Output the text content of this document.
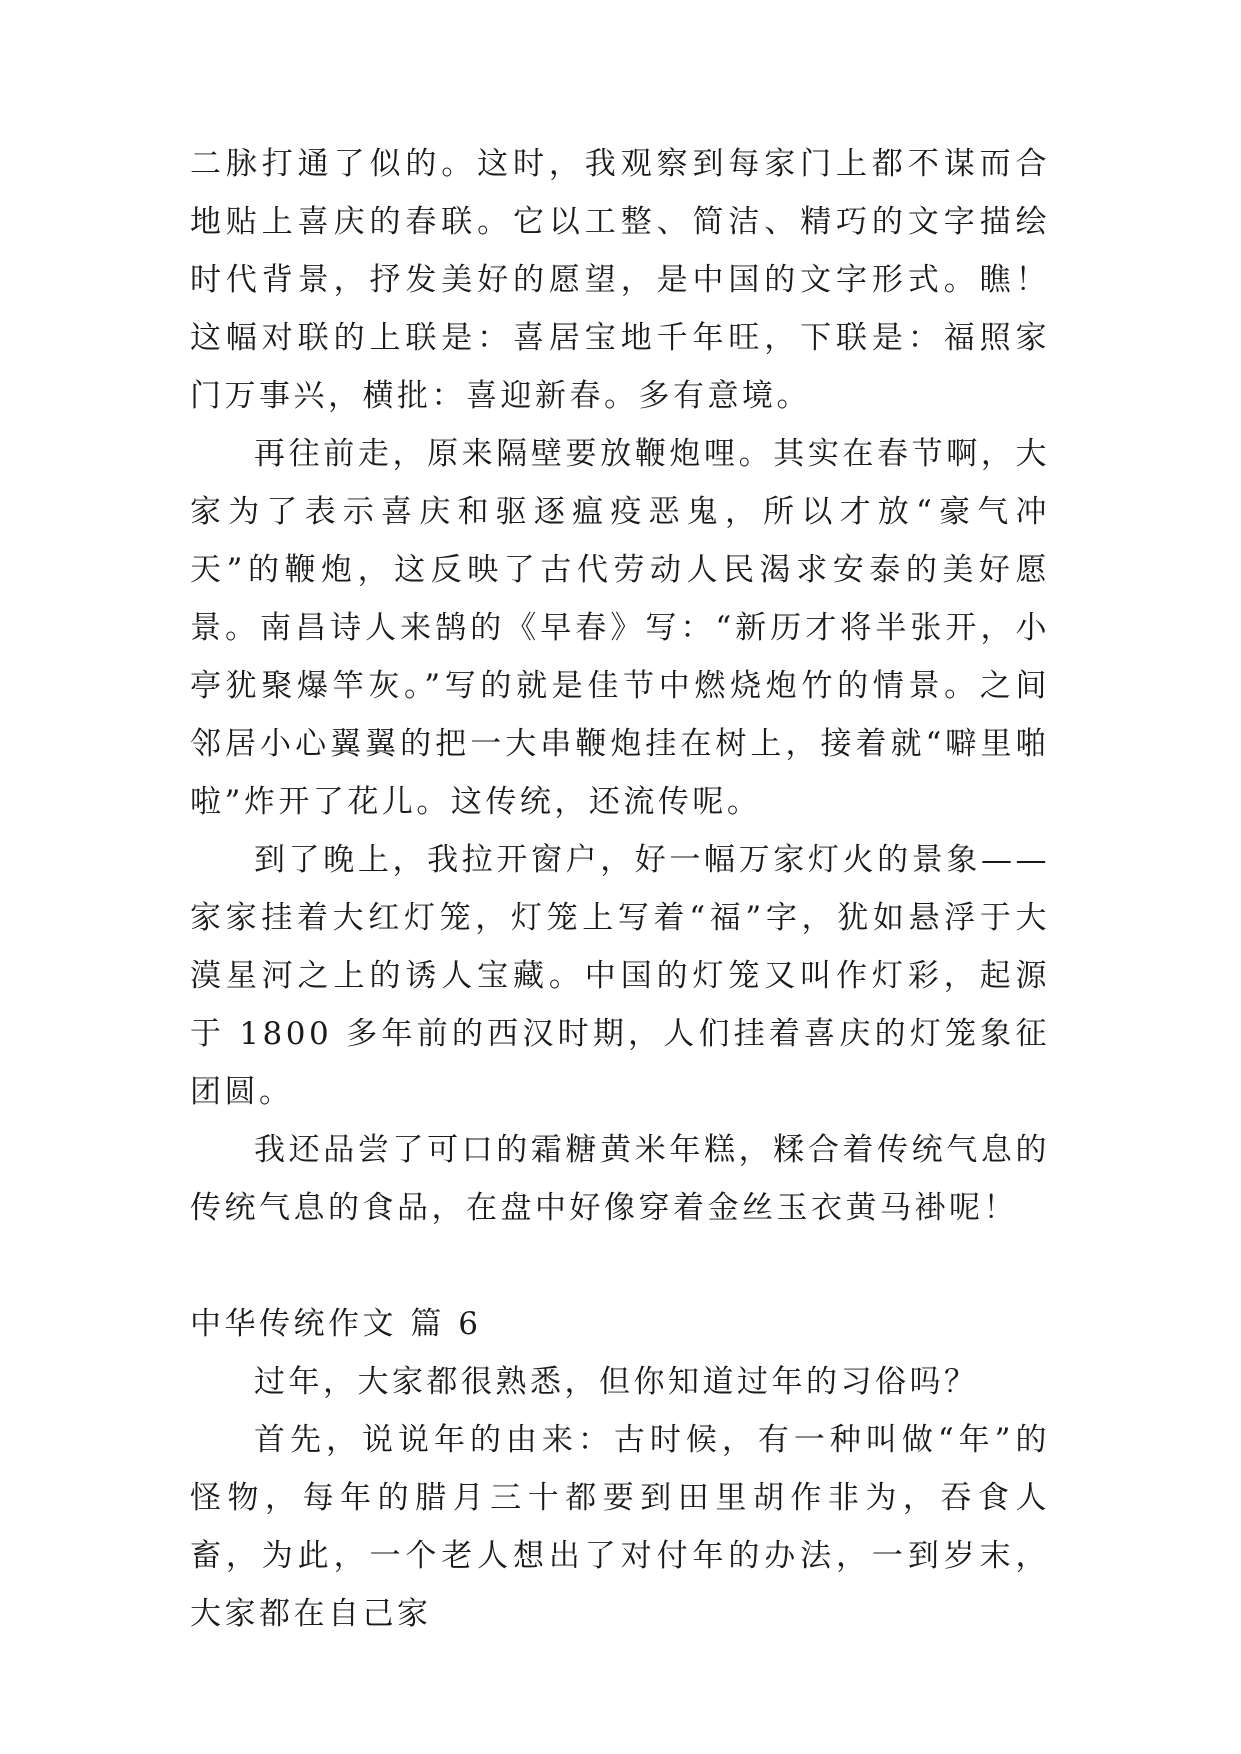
二脉打通了似的。这时，我观察到每家门上都不谋而合地贴上喜庆的春联。它以工整、简洁、精巧的文字描绘时代背景，抒发美好的愿望，是中国的文字形式。瞧！这幅对联的上联是：喜居宝地千年旺，下联是：福照家门万事兴，横批：喜迎新春。多有意境。

再往前走，原来隔壁要放鞭炮哩。其实在春节啊，大家为了表示喜庆和驱逐瘟疫恶鬼，所以才放“豪气冲天”的鞭炮，这反映了古代劳动人民渴求安泰的美好愿景。南昌诗人来鹄的《早春》写：“新历才将半张开，小亭犹聚爆竿灰。”写的就是佳节中燃烧炮竹的情景。之间邻居小心翼翼的把一大串鞭炮挂在树上，接着就“噼里啪啦”炸开了花儿。这传统，还流传呢。

到了晚上，我拉开窗户，好一幅万家灯火的景象——家家挂着大红灯笼，灯笼上写着“福”字，犹如悬浮于大漠星河之上的诱人宝藏。中国的灯笼又叫作灯彩，起源于 1800 多年前的西汉时期，人们挂着喜庆的灯笼象征团圆。

我还品尝了可口的霜糖黄米年糕，糅合着传统气息的传统气息的食品，在盘中好像穿着金丝玉衣黄马褂呢！

中华传统作文 篇 6

过年，大家都很熟悉，但你知道过年的习俗吗？

首先，说说年的由来：古时候，有一种叫做“年”的怪物，每年的腊月三十都要到田里胡作非为，吞食人畜，为此，一个老人想出了对付年的办法，一到岁末，大家都在自己家
